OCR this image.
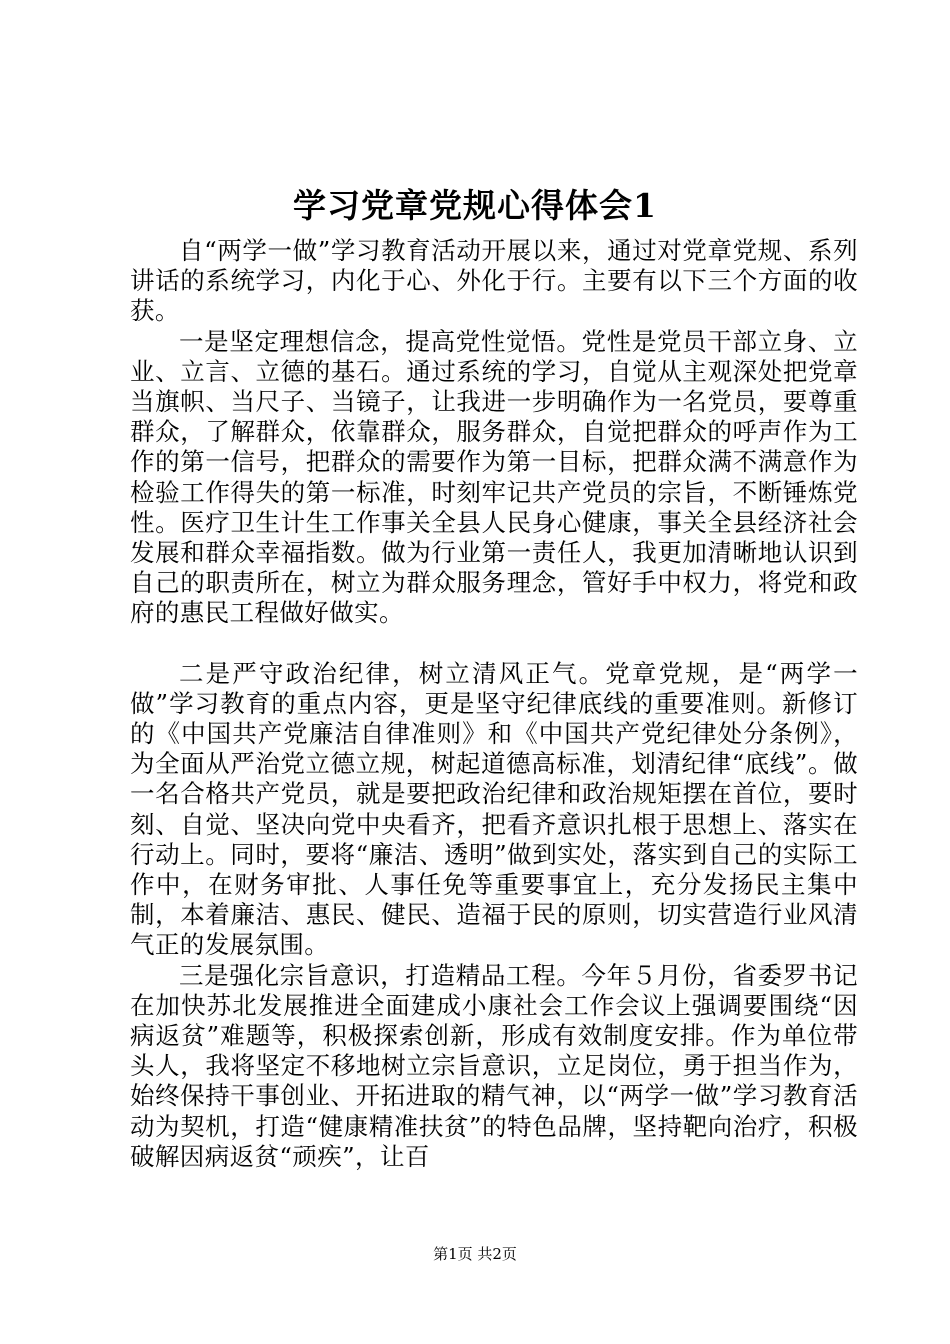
学习党章党规心得体会1

自“两学一做”学习教育活动开展以来，通过对党章党规、系列讲话的系统学习，内化于心、外化于行。主要有以下三个方面的收获。

一是坚定理想信念，提高党性觉悟。党性是党员干部立身、立业、立言、立德的基石。通过系统的学习，自觉从主观深处把党章当旗帜、当尺子、当镜子，让我进一步明确作为一名党员，要尊重群众，了解群众，依靠群众，服务群众，自觉把群众的呼声作为工作的第一信号，把群众的需要作为第一目标，把群众满不满意作为检验工作得失的第一标准，时刻牢记共产党员的宗旨，不断锤炼党性。医疗卫生计生工作事关全县人民身心健康，事关全县经济社会发展和群众幸福指数。做为行业第一责任人，我更加清晰地认识到自己的职责所在，树立为群众服务理念，管好手中权力，将党和政府的惠民工程做好做实。

二是严守政治纪律，树立清风正气。党章党规，是“两学一做”学习教育的重点内容，更是坚守纪律底线的重要准则。新修订的《中国共产党廉洁自律准则》和《中国共产党纪律处分条例》，为全面从严治党立德立规，树起道德高标准，划清纪律“底线”。做一名合格共产党员，就是要把政治纪律和政治规矩摆在首位，要时刻、自觉、坚决向党中央看齐，把看齐意识扎根于思想上、落实在行动上。同时，要将“廉洁、透明”做到实处，落实到自己的实际工作中，在财务审批、人事任免等重要事宜上，充分发扬民主集中制，本着廉洁、惠民、健民、造福于民的原则，切实营造行业风清气正的发展氛围。

三是强化宗旨意识，打造精品工程。今年５月份，省委罗书记在加快苏北发展推进全面建成小康社会工作会议上强调要围绕“因病返贫”难题等，积极探索创新，形成有效制度安排。作为单位带头人，我将坚定不移地树立宗旨意识，立足岗位，勇于担当作为，始终保持干事创业、开拓进取的精气神，以“两学一做”学习教育活动为契机，打造“健康精准扶贫”的特色品牌，坚持靶向治疗，积极破解因病返贫“顽疾”，让百

第1页 共2页
